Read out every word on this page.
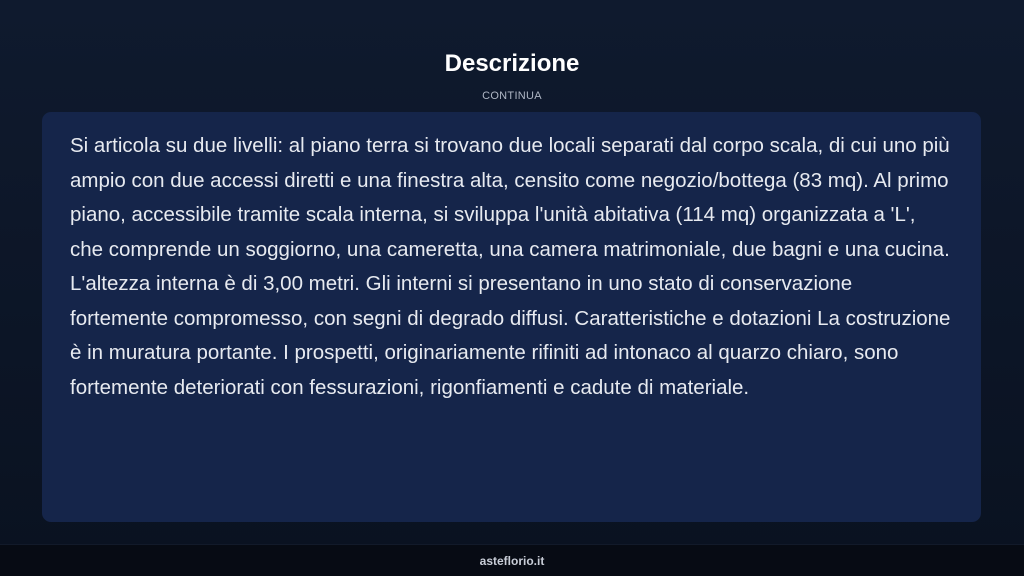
Descrizione
CONTINUA

Si articola su due livelli: al piano terra si trovano due locali separati dal corpo scala, di cui uno più ampio con due accessi diretti e una finestra alta, censito come negozio/bottega (83 mq). Al primo piano, accessibile tramite scala interna, si sviluppa l'unità abitativa (114 mq) organizzata a 'L', che comprende un soggiorno, una cameretta, una camera matrimoniale, due bagni e una cucina. L'altezza interna è di 3,00 metri. Gli interni si presentano in uno stato di conservazione fortemente compromesso, con segni di degrado diffusi. Caratteristiche e dotazioni La costruzione è in muratura portante. I prospetti, originariamente rifiniti ad intonaco al quarzo chiaro, sono fortemente deteriorati con fessurazioni, rigonfiamenti e cadute di materiale.

asteflorio.it
